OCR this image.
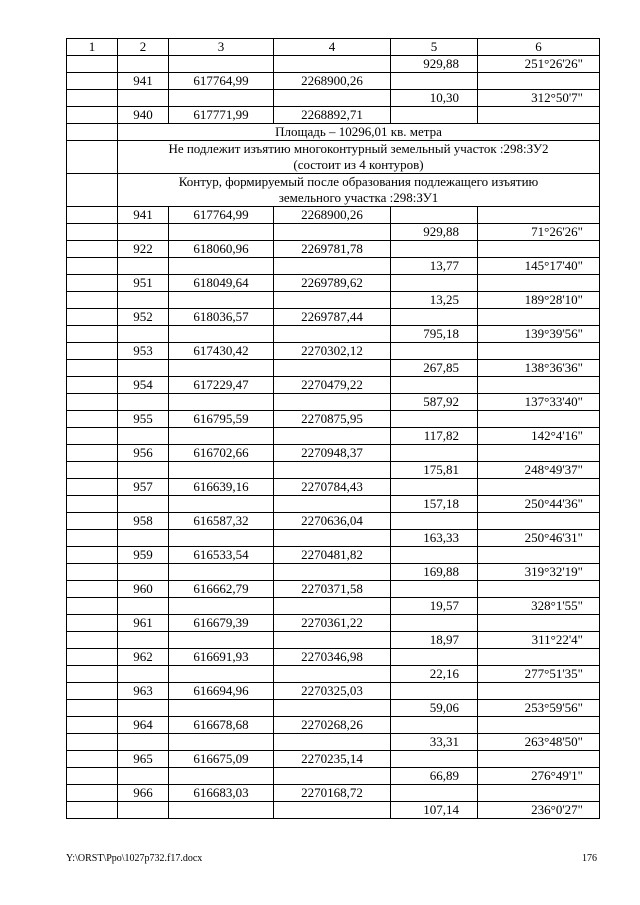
1	2	3	4	5	6
				929,88	251°26'26"
	941	617764,99	2268900,26		
				10,30	312°50'7"
	940	617771,99	2268892,71		
	Площадь – 10296,01 кв. метра				

	Не подлежит изъятию многоконтурный земельный участок :298:ЗУ2
(состоит из 4 контуров)				

	Контур, формируемый после образования подлежащего изъятию
земельного участка :298:ЗУ1				

	941	617764,99	2268900,26		
				929,88	71°26'26"
	922	618060,96	2269781,78		
				13,77	145°17'40"
	951	618049,64	2269789,62		
				13,25	189°28'10"
	952	618036,57	2269787,44		
				795,18	139°39'56"
	953	617430,42	2270302,12		
				267,85	138°36'36"
	954	617229,47	2270479,22		
				587,92	137°33'40"
	955	616795,59	2270875,95		
				117,82	142°4'16"
	956	616702,66	2270948,37		
				175,81	248°49'37"
	957	616639,16	2270784,43		
				157,18	250°44'36"
	958	616587,32	2270636,04		
				163,33	250°46'31"
	959	616533,54	2270481,82		
				169,88	319°32'19"
	960	616662,79	2270371,58		
				19,57	328°1'55"
	961	616679,39	2270361,22		
				18,97	311°22'4"
	962	616691,93	2270346,98		
				22,16	277°51'35"
	963	616694,96	2270325,03		
				59,06	253°59'56"
	964	616678,68	2270268,26		
				33,31	263°48'50"
	965	616675,09	2270235,14		
				66,89	276°49'1"
	966	616683,03	2270168,72		
				107,14	236°0'27"
Y:\ORST\Ppo\1027p732.f17.docx	176
